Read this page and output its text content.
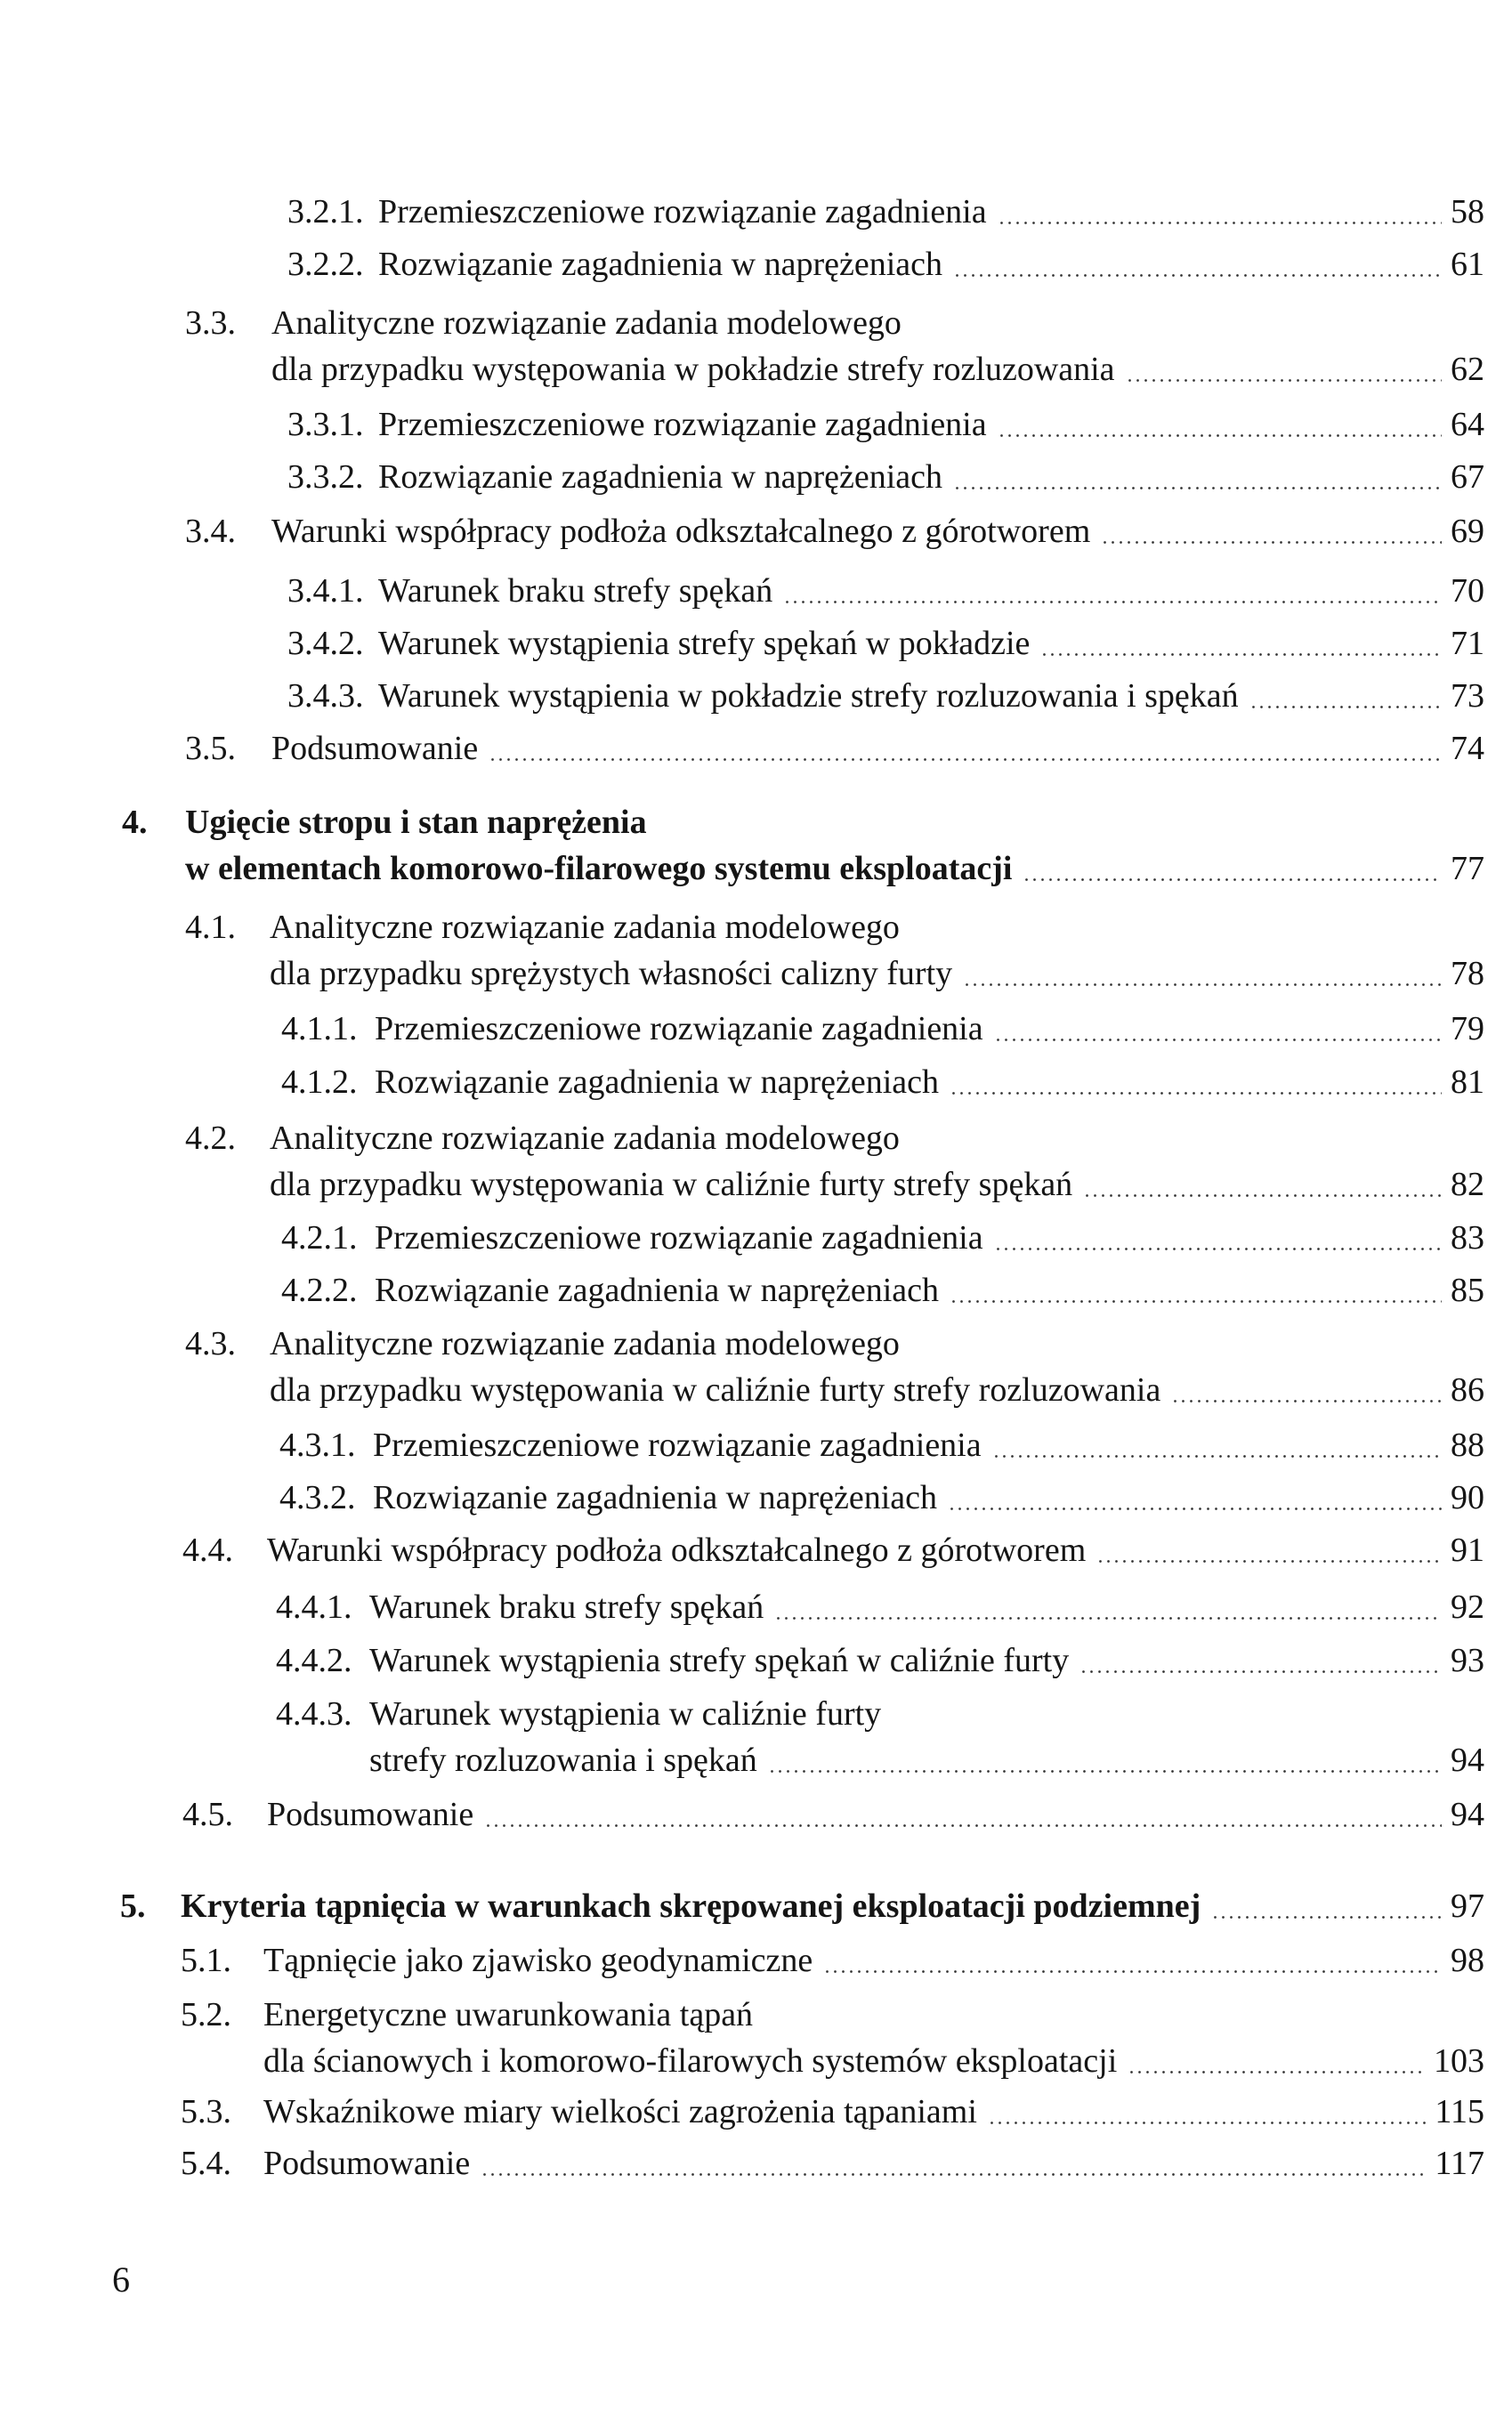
3.2.1. Przemieszczeniowe rozwiązanie zagadnienia	58
3.2.2. Rozwiązanie zagadnienia w naprężeniach	61
3.3. Analityczne rozwiązanie zadania modelowego
dla przypadku występowania w pokładzie strefy rozluzowania	62
3.3.1. Przemieszczeniowe rozwiązanie zagadnienia	64
3.3.2. Rozwiązanie zagadnienia w naprężeniach	67
3.4. Warunki współpracy podłoża odkształcalnego z górotworem	69
3.4.1. Warunek braku strefy spękań	70
3.4.2. Warunek wystąpienia strefy spękań w pokładzie	71
3.4.3. Warunek wystąpienia w pokładzie strefy rozluzowania i spękań	73
3.5. Podsumowanie	74
4. Ugięcie stropu i stan naprężenia
w elementach komorowo-filarowego systemu eksploatacji	77
4.1. Analityczne rozwiązanie zadania modelowego
dla przypadku sprężystych własności calizny furty	78
4.1.1. Przemieszczeniowe rozwiązanie zagadnienia	79
4.1.2. Rozwiązanie zagadnienia w naprężeniach	81
4.2. Analityczne rozwiązanie zadania modelowego
dla przypadku występowania w caliźnie furty strefy spękań	82
4.2.1. Przemieszczeniowe rozwiązanie zagadnienia	83
4.2.2. Rozwiązanie zagadnienia w naprężeniach	85
4.3. Analityczne rozwiązanie zadania modelowego
dla przypadku występowania w caliźnie furty strefy rozluzowania	86
4.3.1. Przemieszczeniowe rozwiązanie zagadnienia	88
4.3.2. Rozwiązanie zagadnienia w naprężeniach	90
4.4. Warunki współpracy podłoża odkształcalnego z górotworem	91
4.4.1. Warunek braku strefy spękań	92
4.4.2. Warunek wystąpienia strefy spękań w caliźnie furty	93
4.4.3. Warunek wystąpienia w caliźnie furty
strefy rozluzowania i spękań	94
4.5. Podsumowanie	94
5. Kryteria tąpnięcia w warunkach skrępowanej eksploatacji podziemnej	97
5.1. Tąpnięcie jako zjawisko geodynamiczne	98
5.2. Energetyczne uwarunkowania tąpań
dla ścianowych i komorowo-filarowych systemów eksploatacji	103
5.3. Wskaźnikowe miary wielkości zagrożenia tąpaniami	115
5.4. Podsumowanie	117
6
